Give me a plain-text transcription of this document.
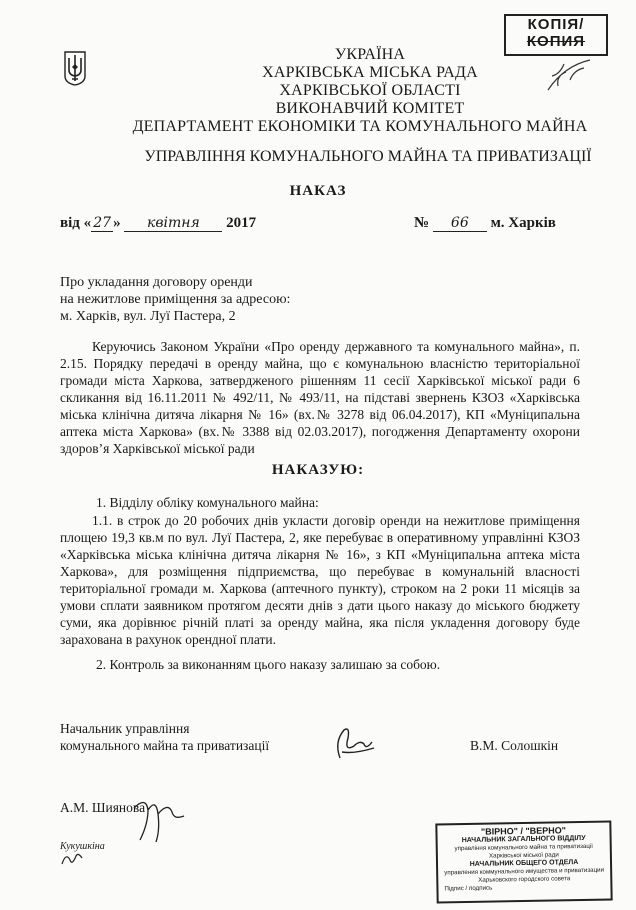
КОПІЯ/
КОПИЯ
УКРАЇНА
ХАРКІВСЬКА МІСЬКА РАДА
ХАРКІВСЬКОЇ ОБЛАСТІ
ВИКОНАВЧИЙ КОМІТЕТ
ДЕПАРТАМЕНТ ЕКОНОМІКИ ТА КОМУНАЛЬНОГО МАЙНА
УПРАВЛІННЯ КОМУНАЛЬНОГО МАЙНА ТА ПРИВАТИЗАЦІЇ
НАКАЗ
від « 27 » квітня 2017	№ 66 м. Харків
Про укладання договору оренди
на нежитлове приміщення за адресою:
м. Харків, вул. Луї Пастера, 2
Керуючись Законом України «Про оренду державного та комунального майна», п. 2.15. Порядку передачі в оренду майна, що є комунальною власністю територіальної громади міста Харкова, затвердженого рішенням 11 сесії Харківської міської ради 6 скликання від 16.11.2011 № 492/11, № 493/11, на підставі звернень КЗОЗ «Харківська міська клінічна дитяча лікарня № 16» (вх.№ 3278 від 06.04.2017), КП «Муніципальна аптека міста Харкова» (вх.№ 3388 від 02.03.2017), погодження Департаменту охорони здоров’я Харківської міської ради
НАКАЗУЮ:
1. Відділу обліку комунального майна:
1.1. в строк до 20 робочих днів укласти договір оренди на нежитлове приміщення площею 19,3 кв.м по вул. Луї Пастера, 2, яке перебуває в оперативному управлінні КЗОЗ «Харківська міська клінічна дитяча лікарня № 16», з КП «Муніципальна аптека міста Харкова», для розміщення підприємства, що перебуває в комунальній власності територіальної громади м. Харкова (аптечного пункту), строком на 2 роки 11 місяців за умови сплати заявником протягом десяти днів з дати цього наказу до міського бюджету суми, яка дорівнює річній платі за оренду майна, яка після укладення договору буде зарахована в рахунок орендної плати.
2. Контроль за виконанням цього наказу залишаю за собою.
Начальник управління
комунального майна та приватизації	В.М. Солошкін
А.М. Шиянова
Кукушкіна
"ВІРНО" / "ВЕРНО"
НАЧАЛЬНИК ЗАГАЛЬНОГО ВІДДІЛУ
управління комунального майна та приватизації
Харківської міської ради
НАЧАЛЬНИК ОБЩЕГО ОТДЕЛА
управления коммунального имущества и приватизации
Харьковского городского совета
Підпис / подпись
